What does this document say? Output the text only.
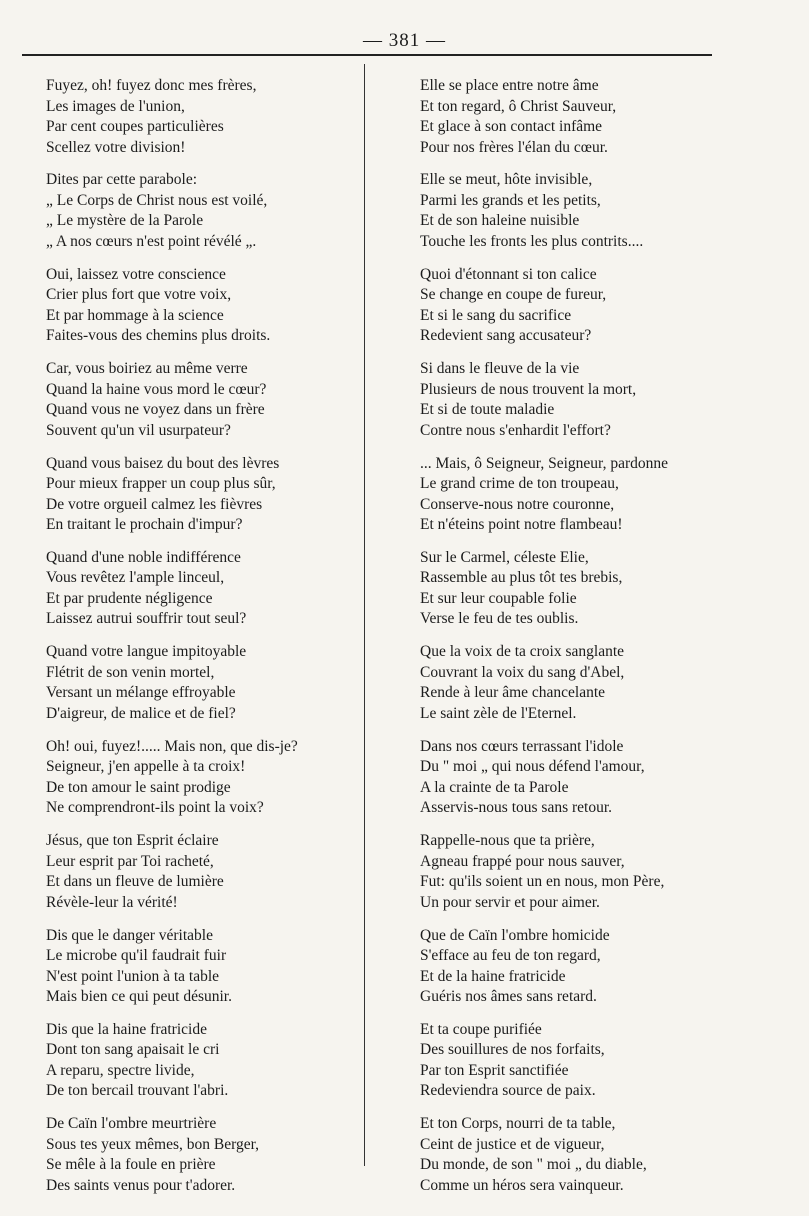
— 381 —
Fuyez, oh! fuyez donc mes frères,
Les images de l'union,
Par cent coupes particulières
Scellez votre division!
Dites par cette parabole:
„ Le Corps de Christ nous est voilé,
„ Le mystère de la Parole
„ A nos cœurs n'est point révélé „.
Oui, laissez votre conscience
Crier plus fort que votre voix,
Et par hommage à la science
Faites-vous des chemins plus droits.
Car, vous boiriez au même verre
Quand la haine vous mord le cœur?
Quand vous ne voyez dans un frère
Souvent qu'un vil usurpateur?
Quand vous baisez du bout des lèvres
Pour mieux frapper un coup plus sûr,
De votre orgueil calmez les fièvres
En traitant le prochain d'impur?
Quand d'une noble indifférence
Vous revêtez l'ample linceul,
Et par prudente négligence
Laissez autrui souffrir tout seul?
Quand votre langue impitoyable
Flétrit de son venin mortel,
Versant un mélange effroyable
D'aigreur, de malice et de fiel?
Oh! oui, fuyez!..... Mais non, que dis-je?
Seigneur, j'en appelle à ta croix!
De ton amour le saint prodige
Ne comprendront-ils point la voix?
Jésus, que ton Esprit éclaire
Leur esprit par Toi racheté,
Et dans un fleuve de lumière
Révèle-leur la vérité!
Dis que le danger véritable
Le microbe qu'il faudrait fuir
N'est point l'union à ta table
Mais bien ce qui peut désunir.
Dis que la haine fratricide
Dont ton sang apaisait le cri
A reparu, spectre livide,
De ton bercail trouvant l'abri.
De Caïn l'ombre meurtrière
Sous tes yeux mêmes, bon Berger,
Se mêle à la foule en prière
Des saints venus pour t'adorer.
Elle se place entre notre âme
Et ton regard, ô Christ Sauveur,
Et glace à son contact infâme
Pour nos frères l'élan du cœur.
Elle se meut, hôte invisible,
Parmi les grands et les petits,
Et de son haleine nuisible
Touche les fronts les plus contrits....
Quoi d'étonnant si ton calice
Se change en coupe de fureur,
Et si le sang du sacrifice
Redevient sang accusateur?
Si dans le fleuve de la vie
Plusieurs de nous trouvent la mort,
Et si de toute maladie
Contre nous s'enhardit l'effort?
... Mais, ô Seigneur, Seigneur, pardonne
Le grand crime de ton troupeau,
Conserve-nous notre couronne,
Et n'éteins point notre flambeau!
Sur le Carmel, céleste Elie,
Rassemble au plus tôt tes brebis,
Et sur leur coupable folie
Verse le feu de tes oublis.
Que la voix de ta croix sanglante
Couvrant la voix du sang d'Abel,
Rende à leur âme chancelante
Le saint zèle de l'Eternel.
Dans nos cœurs terrassant l'idole
Du " moi „ qui nous défend l'amour,
A la crainte de ta Parole
Asservis-nous tous sans retour.
Rappelle-nous que ta prière,
Agneau frappé pour nous sauver,
Fut: qu'ils soient un en nous, mon Père,
Un pour servir et pour aimer.
Que de Caïn l'ombre homicide
S'efface au feu de ton regard,
Et de la haine fratricide
Guéris nos âmes sans retard.
Et ta coupe purifiée
Des souillures de nos forfaits,
Par ton Esprit sanctifiée
Redeviendra source de paix.
Et ton Corps, nourri de ta table,
Ceint de justice et de vigueur,
Du monde, de son " moi „ du diable,
Comme un héros sera vainqueur.
